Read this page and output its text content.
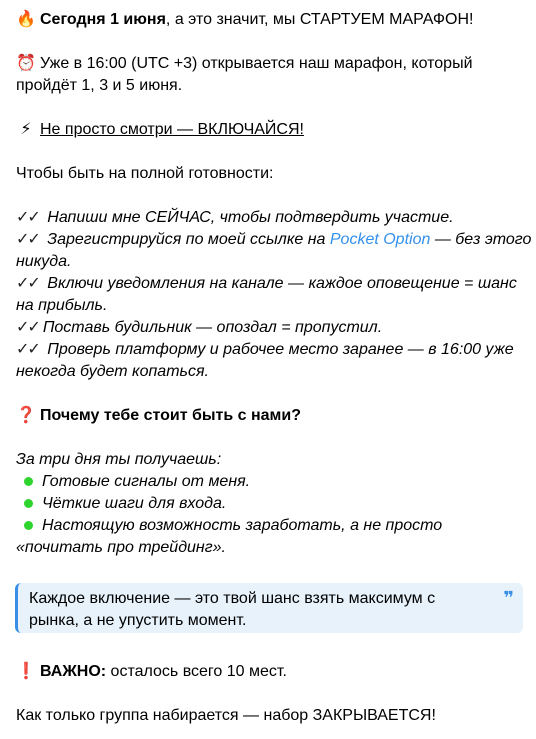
🔥 Сегодня 1 июня, а это значит, мы СТАРТУЕМ МАРАФОН!
⏰ Уже в 16:00 (UTC +3) открывается наш марафон, который
пройдёт 1, 3 и 5 июня.
⚡ Не просто смотри — ВКЛЮЧАЙСЯ!
Чтобы быть на полной готовности:
✓✓ Напиши мне СЕЙЧАС, чтобы подтвердить участие.
✓✓ Зарегистрируйся по моей ссылке на Pocket Option — без этого
никуда.
✓✓ Включи уведомления на канале — каждое оповещение = шанс
на прибыль.
✓✓ Поставь будильник — опоздал = пропустил.
✓✓ Проверь платформу и рабочее место заранее — в 16:00 уже
некогда будет копаться.
❓ Почему тебе стоит быть с нами?
За три дня ты получаешь:
Готовые сигналы от меня.
Чёткие шаги для входа.
Настоящую возможность заработать, а не просто
«почитать про трейдинг».
Каждое включение — это твой шанс взять максимум с
рынка, а не упустить момент.
❞
❗ ВАЖНО: осталось всего 10 мест.
Как только группа набирается — набор ЗАКРЫВАЕТСЯ!
